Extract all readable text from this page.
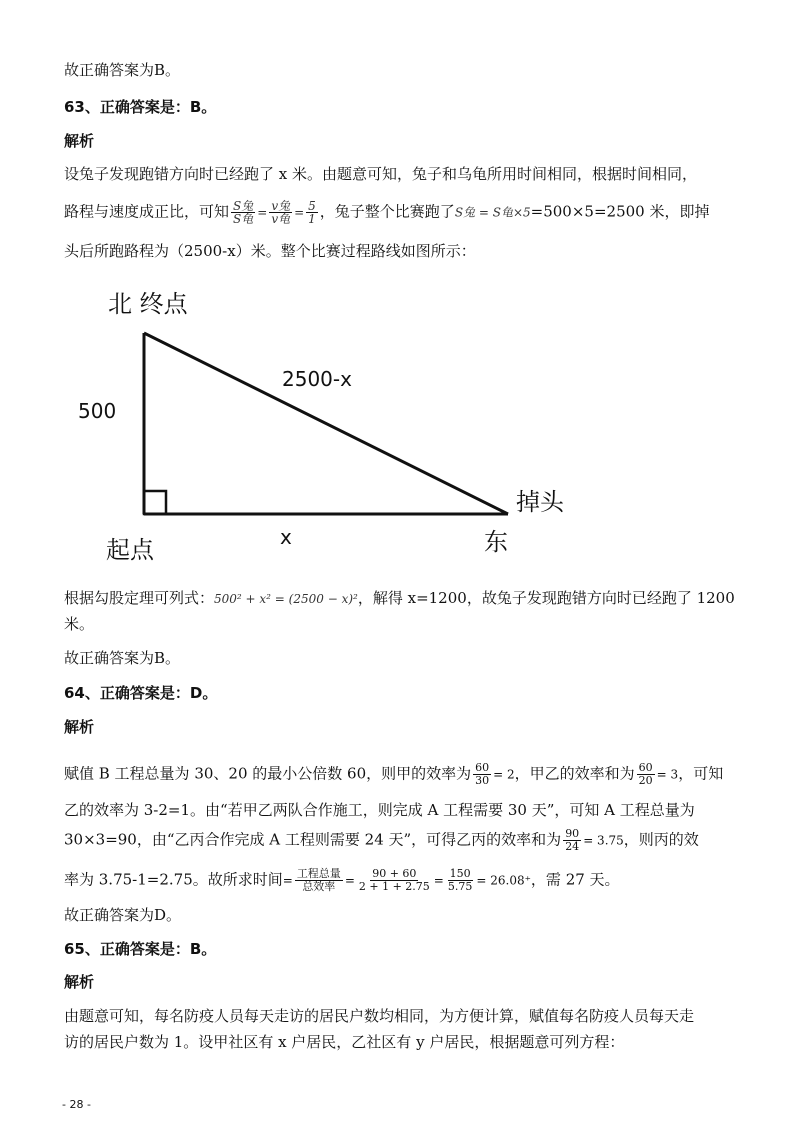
故正确答案为B。
63、正确答案是：B。
解析
设兔子发现跑错方向时已经跑了 x 米。由题意可知，兔子和乌龟所用时间相同，根据时间相同，
路程与速度成正比，可知 $\frac{\text{S兔}}{\text{S龟}} = \frac{\text{v兔}}{\text{v龟}} = \frac{5}{1}$ ，兔子整个比赛跑了S兔 = S龟×5=500×5=2500 米，即掉
头后所跑路程为（2500-x）米。整个比赛过程路线如图所示：
北 终点
500
2500-x
掉头
起点	x	东
根据勾股定理可列式：500² + x² = (2500 − x)²，解得 x=1200，故兔子发现跑错方向时已经跑了 1200
米。
故正确答案为B。
64、正确答案是：D。
解析
赋值 B 工程总量为 30、20 的最小公倍数 60，则甲的效率为 $\frac{60}{30} = 2$，甲乙的效率和为 $\frac{60}{20} = 3$，可知
乙的效率为 3-2=1。由“若甲乙两队合作施工，则完成 A 工程需要 30 天”，可知 A 工程总量为
30×3=90，由“乙丙合作完成 A 工程则需要 24 天”，可得乙丙的效率和为 $\frac{90}{24} = 3.75$，则丙的效
率为 3.75-1=2.75。故所求时间= $\frac{\text{工程总量}}{\text{总效率}} = \frac{90 + 60}{2 + 1 + 2.75} = \frac{150}{5.75} = 26.08^+$，需 27 天。
故正确答案为D。
65、正确答案是：B。
解析
由题意可知，每名防疫人员每天走访的居民户数均相同，为方便计算，赋值每名防疫人员每天走
访的居民户数为 1。设甲社区有 x 户居民，乙社区有 y 户居民，根据题意可列方程：
- 28 -
